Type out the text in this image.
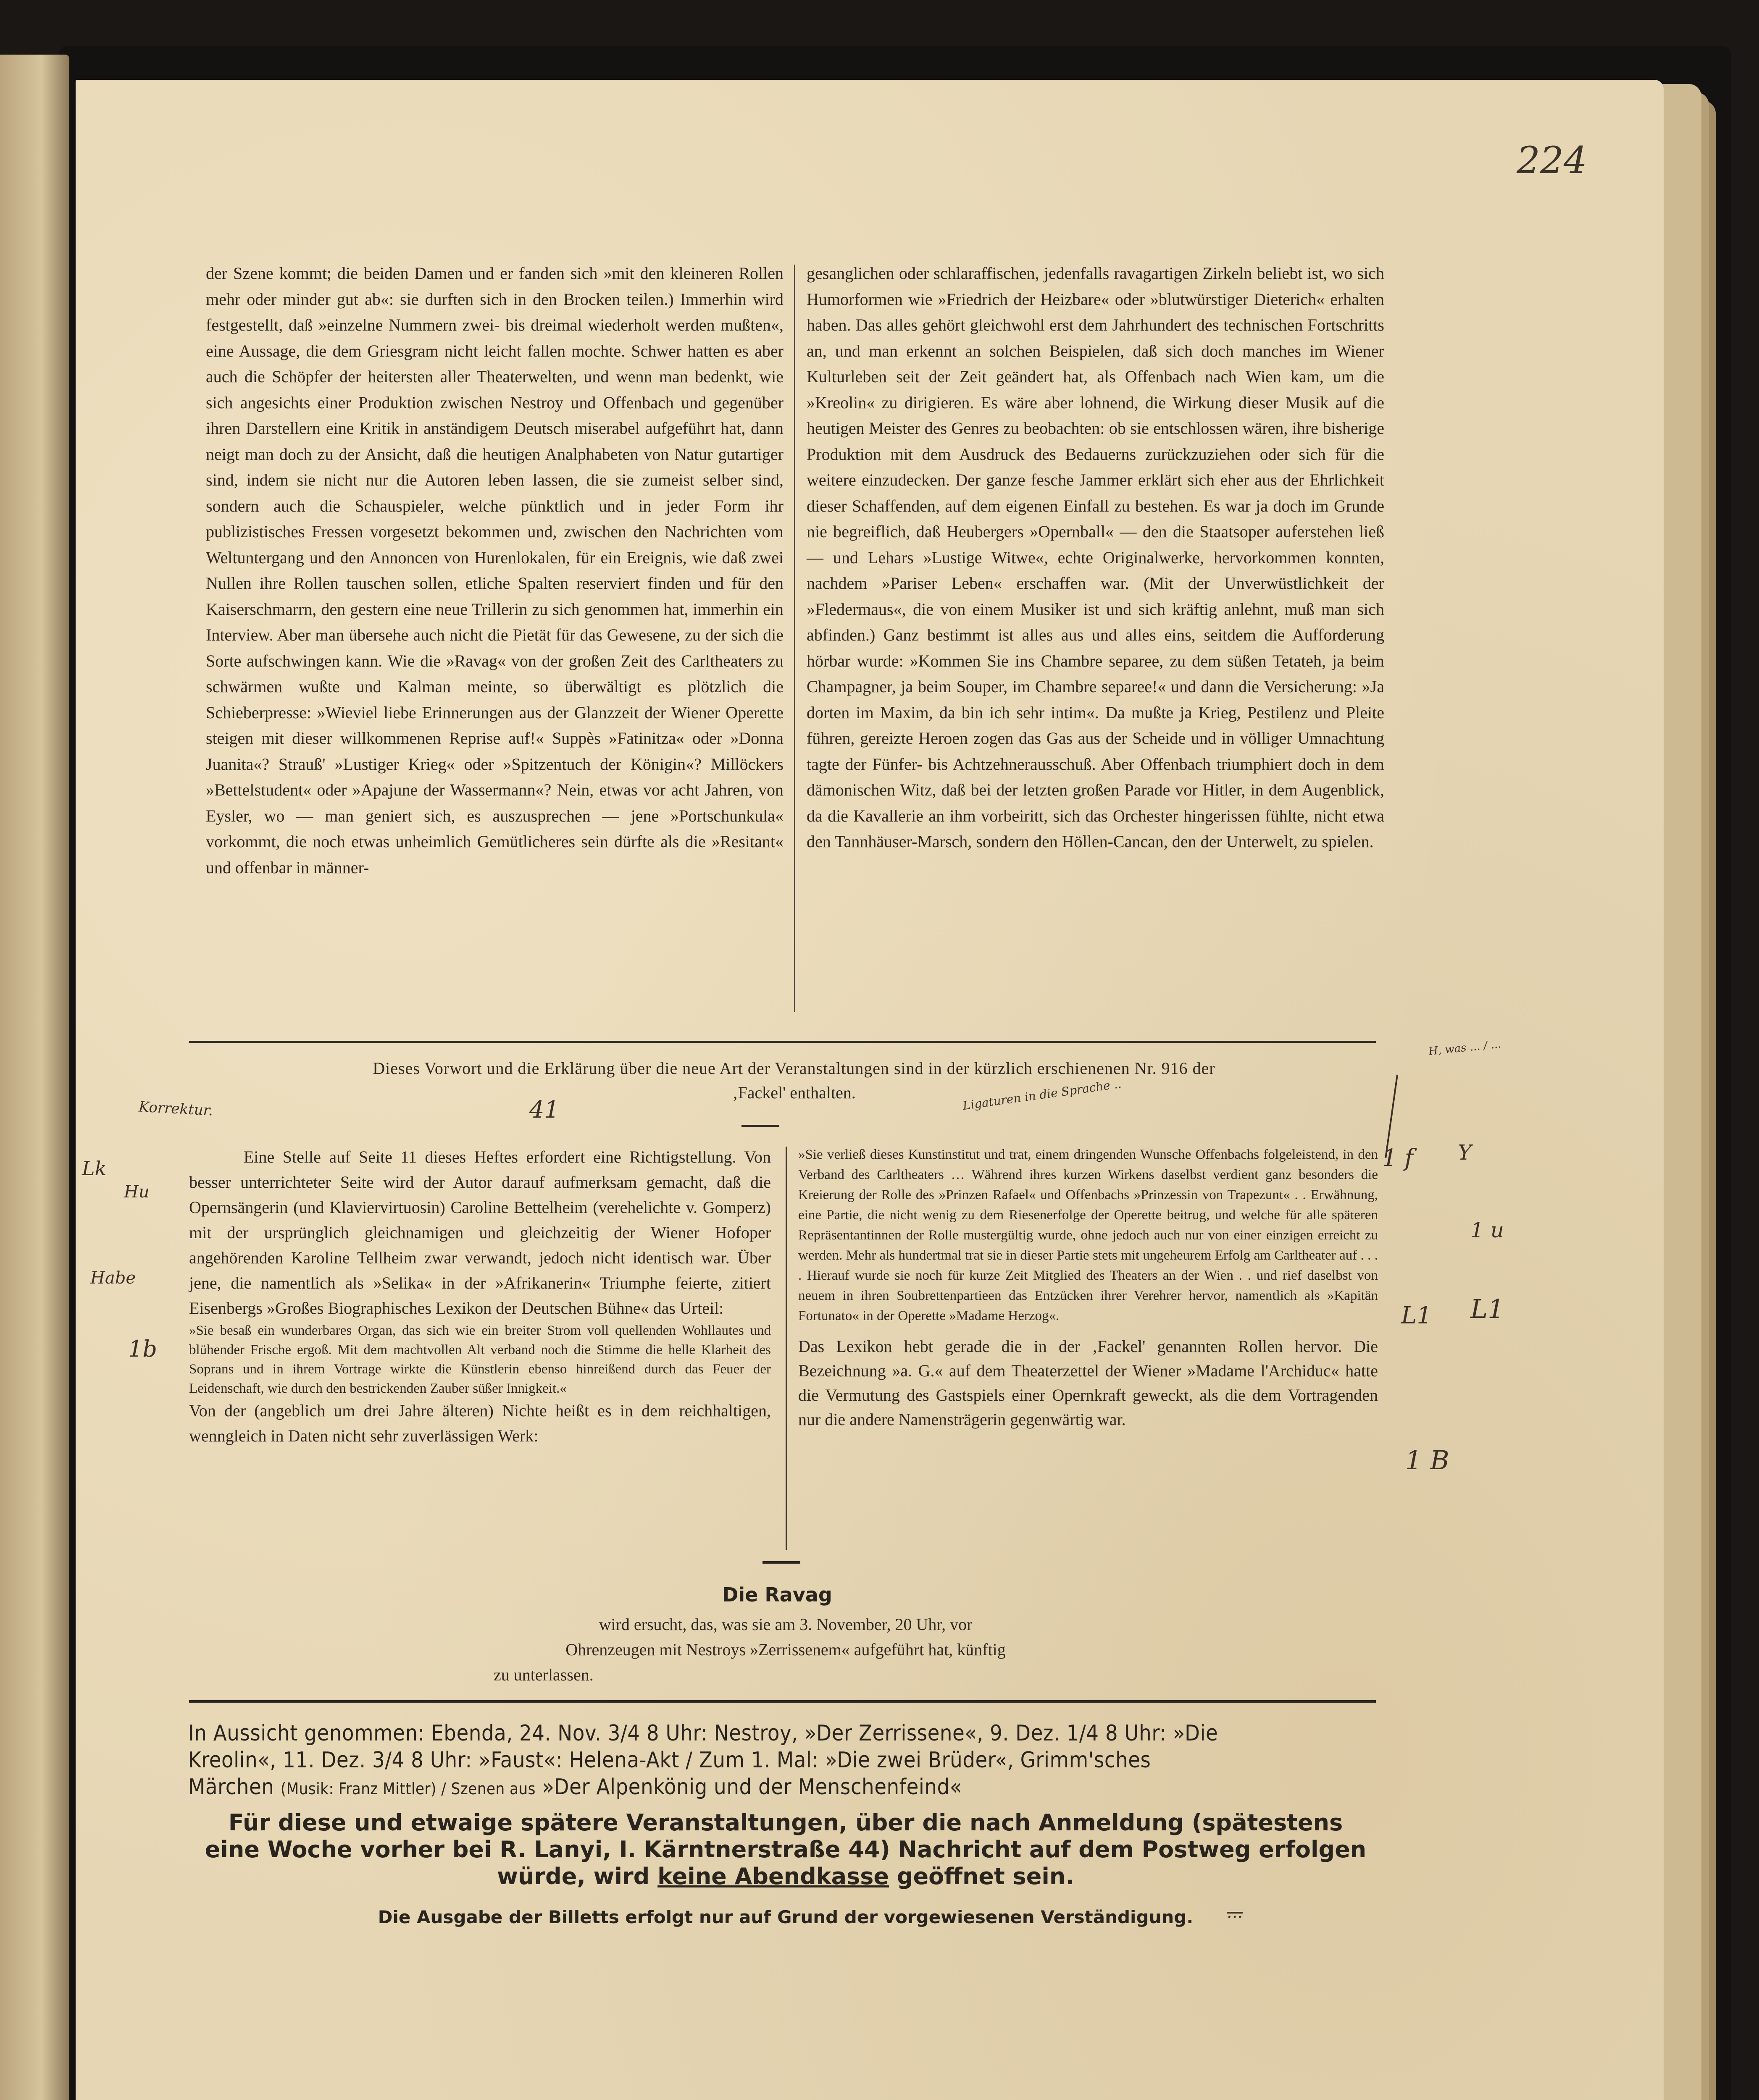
224

der Szene kommt; die beiden Damen und er fanden sich »mit den kleineren Rollen mehr oder minder gut ab«: sie durften sich in den Brocken teilen.) Immerhin wird festgestellt, daß »einzelne Nummern zwei- bis dreimal wiederholt werden mußten«, eine Aussage, die dem Griesgram nicht leicht fallen mochte. Schwer hatten es aber auch die Schöpfer der heitersten aller Theaterwelten, und wenn man bedenkt, wie sich angesichts einer Produktion zwischen Nestroy und Offenbach und gegenüber ihren Darstellern eine Kritik in anständigem Deutsch miserabel aufgeführt hat, dann neigt man doch zu der Ansicht, daß die heutigen Analphabeten von Natur gutartiger sind, indem sie nicht nur die Autoren leben lassen, die sie zumeist selber sind, sondern auch die Schauspieler, welche pünktlich und in jeder Form ihr publizistisches Fressen vorgesetzt bekommen und, zwischen den Nachrichten vom Weltuntergang und den Annoncen von Hurenlokalen, für ein Ereignis, wie daß zwei Nullen ihre Rollen tauschen sollen, etliche Spalten reserviert finden und für den Kaiserschmarrn, den gestern eine neue Trillerin zu sich genommen hat, immerhin ein Interview. Aber man übersehe auch nicht die Pietät für das Gewesene, zu der sich die Sorte aufschwingen kann. Wie die »Ravag« von der großen Zeit des Carltheaters zu schwärmen wußte und Kalman meinte, so überwältigt es plötzlich die Schieberpresse: »Wieviel liebe Erinnerungen aus der Glanzzeit der Wiener Operette steigen mit dieser willkommenen Reprise auf!« Suppès »Fatinitza« oder »Donna Juanita«? Strauß' »Lustiger Krieg« oder »Spitzentuch der Königin«? Millöckers »Bettelstudent« oder »Apajune der Wassermann«? Nein, etwas vor acht Jahren, von Eysler, wo — man geniert sich, es auszusprechen — jene »Portschunkula« vorkommt, die noch etwas unheimlich Gemütlicheres sein dürfte als die »Resitant« und offenbar in männer-

gesanglichen oder schlaraffischen, jedenfalls ravagartigen Zirkeln beliebt ist, wo sich Humorformen wie »Friedrich der Heizbare« oder »blutwürstiger Dieterich« erhalten haben. Das alles gehört gleichwohl erst dem Jahrhundert des technischen Fortschritts an, und man erkennt an solchen Beispielen, daß sich doch manches im Wiener Kulturleben seit der Zeit geändert hat, als Offenbach nach Wien kam, um die »Kreolin« zu dirigieren. Es wäre aber lohnend, die Wirkung dieser Musik auf die heutigen Meister des Genres zu beobachten: ob sie entschlossen wären, ihre bisherige Produktion mit dem Ausdruck des Bedauerns zurückzuziehen oder sich für die weitere einzudecken. Der ganze fesche Jammer erklärt sich eher aus der Ehrlichkeit dieser Schaffenden, auf dem eigenen Einfall zu bestehen. Es war ja doch im Grunde nie begreiflich, daß Heubergers »Opernball« — den die Staatsoper auferstehen ließ — und Lehars »Lustige Witwe«, echte Originalwerke, hervorkommen konnten, nachdem »Pariser Leben« erschaffen war. (Mit der Unverwüstlichkeit der »Fledermaus«, die von einem Musiker ist und sich kräftig anlehnt, muß man sich abfinden.) Ganz bestimmt ist alles aus und alles eins, seitdem die Aufforderung hörbar wurde: »Kommen Sie ins Chambre separee, zu dem süßen Tetateh, ja beim Champagner, ja beim Souper, im Chambre separee!« und dann die Versicherung: »Ja dorten im Maxim, da bin ich sehr intim«. Da mußte ja Krieg, Pestilenz und Pleite führen, gereizte Heroen zogen das Gas aus der Scheide und in völliger Umnachtung tagte der Fünfer- bis Achtzehnerausschuß. Aber Offenbach triumphiert doch in dem dämonischen Witz, daß bei der letzten großen Parade vor Hitler, in dem Augenblick, da die Kavallerie an ihm vorbeiritt, sich das Orchester hingerissen fühlte, nicht etwa den Tannhäuser-Marsch, sondern den Höllen-Cancan, den der Unterwelt, zu spielen.

Dieses Vorwort und die Erklärung über die neue Art der Veranstaltungen sind in der kürzlich erschienenen Nr. 916 der
‚Fackel' enthalten.

Eine Stelle auf Seite 11 dieses Heftes erfordert eine Richtigstellung. Von besser unterrichteter Seite wird der Autor darauf aufmerksam gemacht, daß die Opernsängerin (und Klaviervirtuosin) Caroline Bettelheim (verehelichte v. Gomperz) mit der ursprünglich gleichnamigen und gleichzeitig der Wiener Hofoper angehörenden Karoline Tellheim zwar verwandt, jedoch nicht identisch war. Über jene, die namentlich als »Selika« in der »Afrikanerin« Triumphe feierte, zitiert Eisenbergs »Großes Biographisches Lexikon der Deutschen Bühne« das Urteil:

»Sie besaß ein wunderbares Organ, das sich wie ein breiter Strom voll quellenden Wohllautes und blühender Frische ergoß. Mit dem machtvollen Alt verband noch die Stimme die helle Klarheit des Soprans und in ihrem Vortrage wirkte die Künstlerin ebenso hinreißend durch das Feuer der Leidenschaft, wie durch den bestrickenden Zauber süßer Innigkeit.«

Von der (angeblich um drei Jahre älteren) Nichte heißt es in dem reichhaltigen, wenngleich in Daten nicht sehr zuverlässigen Werk:

»Sie verließ dieses Kunstinstitut und trat, einem dringenden Wunsche Offenbachs folgeleistend, in den Verband des Carltheaters … Während ihres kurzen Wirkens daselbst verdient ganz besonders die Kreierung der Rolle des »Prinzen Rafael« und Offenbachs »Prinzessin von Trapezunt« . . Erwähnung, eine Partie, die nicht wenig zu dem Riesenerfolge der Operette beitrug, und welche für alle späteren Repräsentantinnen der Rolle mustergültig wurde, ohne jedoch auch nur von einer einzigen erreicht zu werden. Mehr als hundertmal trat sie in dieser Partie stets mit ungeheurem Erfolg am Carltheater auf . . . . Hierauf wurde sie noch für kurze Zeit Mitglied des Theaters an der Wien . . und rief daselbst von neuem in ihren Soubrettenpartieen das Entzücken ihrer Verehrer hervor, namentlich als »Kapitän Fortunato« in der Operette »Madame Herzog«.

Das Lexikon hebt gerade die in der ‚Fackel' genannten Rollen hervor. Die Bezeichnung »a. G.« auf dem Theaterzettel der Wiener »Madame l'Archiduc« hatte die Vermutung des Gastspiels einer Opernkraft geweckt, als die dem Vortragenden nur die andere Namensträgerin gegenwärtig war.

Die Ravag
wird ersucht, das, was sie am 3. November, 20 Uhr, vor
Ohrenzeugen mit Nestroys »Zerrissenem« aufgeführt hat, künftig
zu unterlassen.
In Aussicht genommen: Ebenda, 24. Nov. 3/4 8 Uhr: Nestroy, »Der Zerrissene«, 9. Dez. 1/4 8 Uhr: »Die
Kreolin«, 11. Dez. 3/4 8 Uhr: »Faust«: Helena-Akt / Zum 1. Mal: »Die zwei Brüder«, Grimm'sches
Märchen (Musik: Franz Mittler) / Szenen aus »Der Alpenkönig und der Menschenfeind«
Für diese und etwaige spätere Veranstaltungen, über die nach Anmeldung (spätestens
eine Woche vorher bei R. Lanyi, I. Kärntnerstraße 44) Nachricht auf dem Postweg erfolgen
würde, wird keine Abendkasse geöffnet sein.
Die Ausgabe der Billetts erfolgt nur auf Grund der vorgewiesenen Verständigung.
Korrektur.	41
Lk
Hu
Habe
1b
Ligaturen in die Sprache ..
H, was ... / ...
1 f Y
1 u
L1 L1
1 B
...
